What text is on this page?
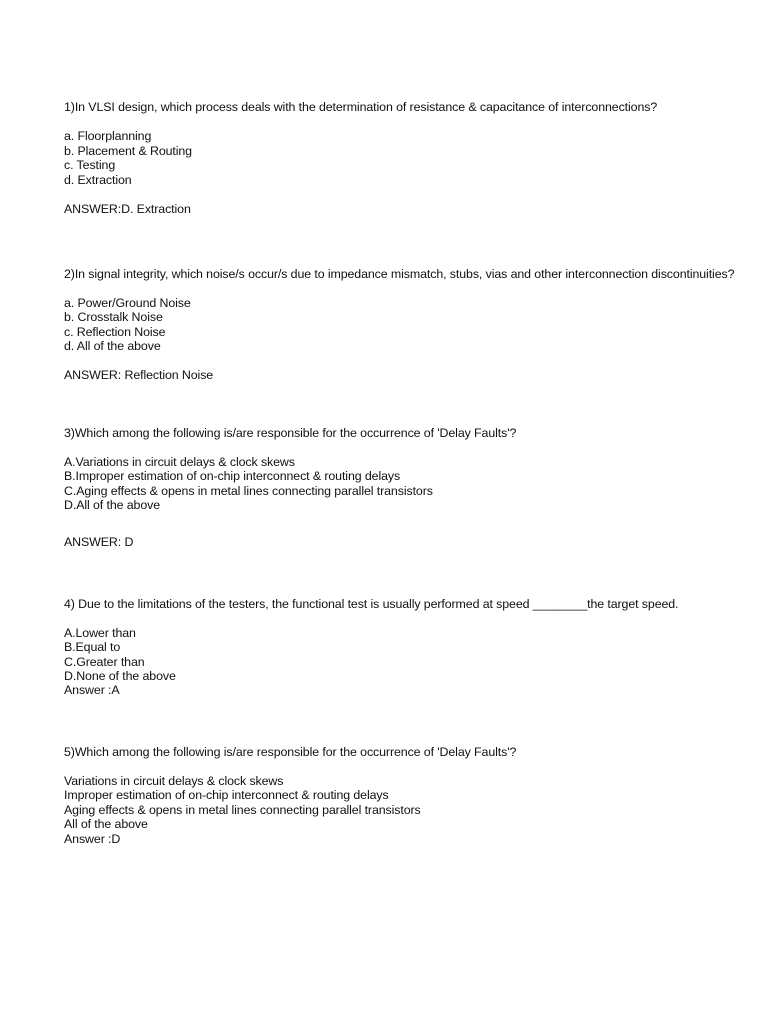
1)In VLSI design, which process deals with the determination of resistance & capacitance of interconnections?
a. Floorplanning
b. Placement & Routing
c. Testing
d. Extraction
ANSWER:D. Extraction
2)In signal integrity, which noise/s occur/s due to impedance mismatch, stubs, vias and other interconnection discontinuities?
a. Power/Ground Noise
b. Crosstalk Noise
c. Reflection Noise
d. All of the above
ANSWER: Reflection Noise
3)Which among the following is/are responsible for the occurrence of 'Delay Faults'?
A.Variations in circuit delays & clock skews
B.Improper estimation of on-chip interconnect & routing delays
C.Aging effects & opens in metal lines connecting parallel transistors
D.All of the above
ANSWER: D
4) Due to the limitations of the testers, the functional test is usually performed at speed ________the target speed.
A.Lower than
B.Equal to
C.Greater than
D.None of the above
Answer :A
5)Which among the following is/are responsible for the occurrence of 'Delay Faults'?
Variations in circuit delays & clock skews
Improper estimation of on-chip interconnect & routing delays
Aging effects & opens in metal lines connecting parallel transistors
All of the above
Answer :D
